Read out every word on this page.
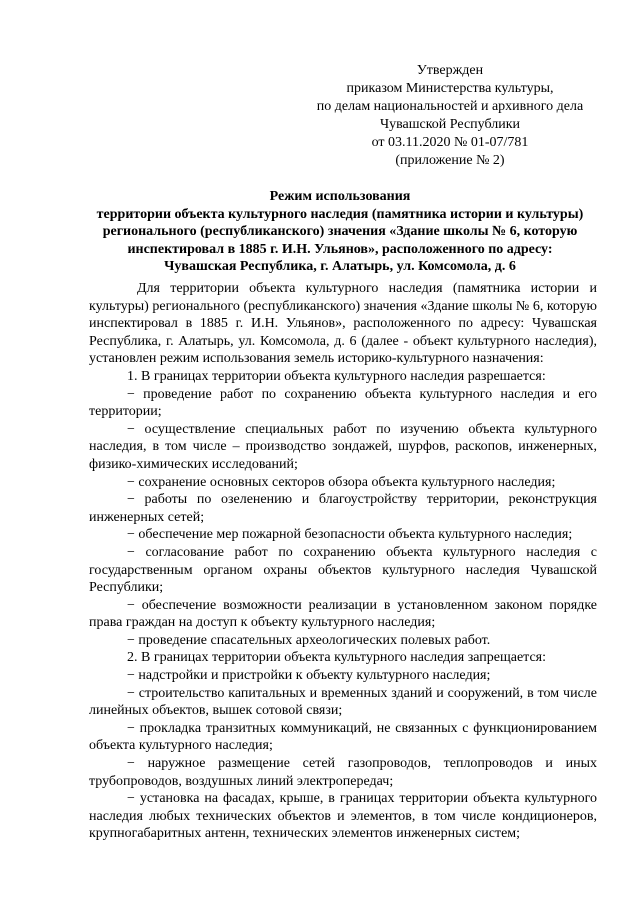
Утвержден
приказом Министерства культуры,
по делам национальностей и архивного дела
Чувашской Республики
от 03.11.2020 № 01-07/781
(приложение № 2)
Режим использования
территории объекта культурного наследия (памятника истории и культуры)
регионального (республиканского) значения «Здание школы № 6, которую
инспектировал в 1885 г. И.Н. Ульянов», расположенного по адресу:
Чувашская Республика, г. Алатырь, ул. Комсомола, д. 6

Для территории объекта культурного наследия (памятника истории и культуры) регионального (республиканского) значения «Здание школы № 6, которую инспектировал в 1885 г. И.Н. Ульянов», расположенного по адресу: Чувашская Республика, г. Алатырь, ул. Комсомола, д. 6 (далее - объект культурного наследия), установлен режим использования земель историко-культурного назначения:

1. В границах территории объекта культурного наследия разрешается:

− проведение работ по сохранению объекта культурного наследия и его территории;

− осуществление специальных работ по изучению объекта культурного наследия, в том числе – производство зондажей, шурфов, раскопов, инженерных, физико-химических исследований;

− сохранение основных секторов обзора объекта культурного наследия;

− работы по озеленению и благоустройству территории, реконструкция инженерных сетей;

− обеспечение мер пожарной безопасности объекта культурного наследия;

− согласование работ по сохранению объекта культурного наследия с государственным органом охраны объектов культурного наследия Чувашской Республики;

− обеспечение возможности реализации в установленном законом порядке права граждан на доступ к объекту культурного наследия;

− проведение спасательных археологических полевых работ.

2. В границах территории объекта культурного наследия запрещается:

− надстройки и пристройки к объекту культурного наследия;

− строительство капитальных и временных зданий и сооружений, в том числе линейных объектов, вышек сотовой связи;

− прокладка транзитных коммуникаций, не связанных с функционированием объекта культурного наследия;

− наружное размещение сетей газопроводов, теплопроводов и иных трубопроводов, воздушных линий электропередач;

− установка на фасадах, крыше, в границах территории объекта культурного наследия любых технических объектов и элементов, в том числе кондиционеров, крупногабаритных антенн, технических элементов инженерных систем;
